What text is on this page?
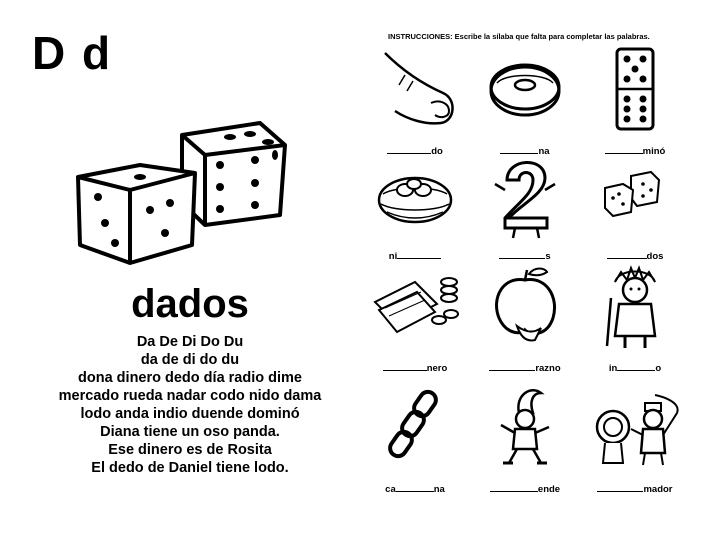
D d
dados
Da De Di Do Du
da de di do du
dona dinero dedo día radio dime
mercado rueda nadar codo nido dama
lodo anda indio duende dominó
Diana tiene un oso panda.
Ese dinero es de Rosita
El dedo de Daniel tiene lodo.
INSTRUCCIONES: Escribe la sílaba que falta para completar las palabras.
do	na	minó
ni	s	dos
nero	razno	in	o
ca	na	ende	mador
